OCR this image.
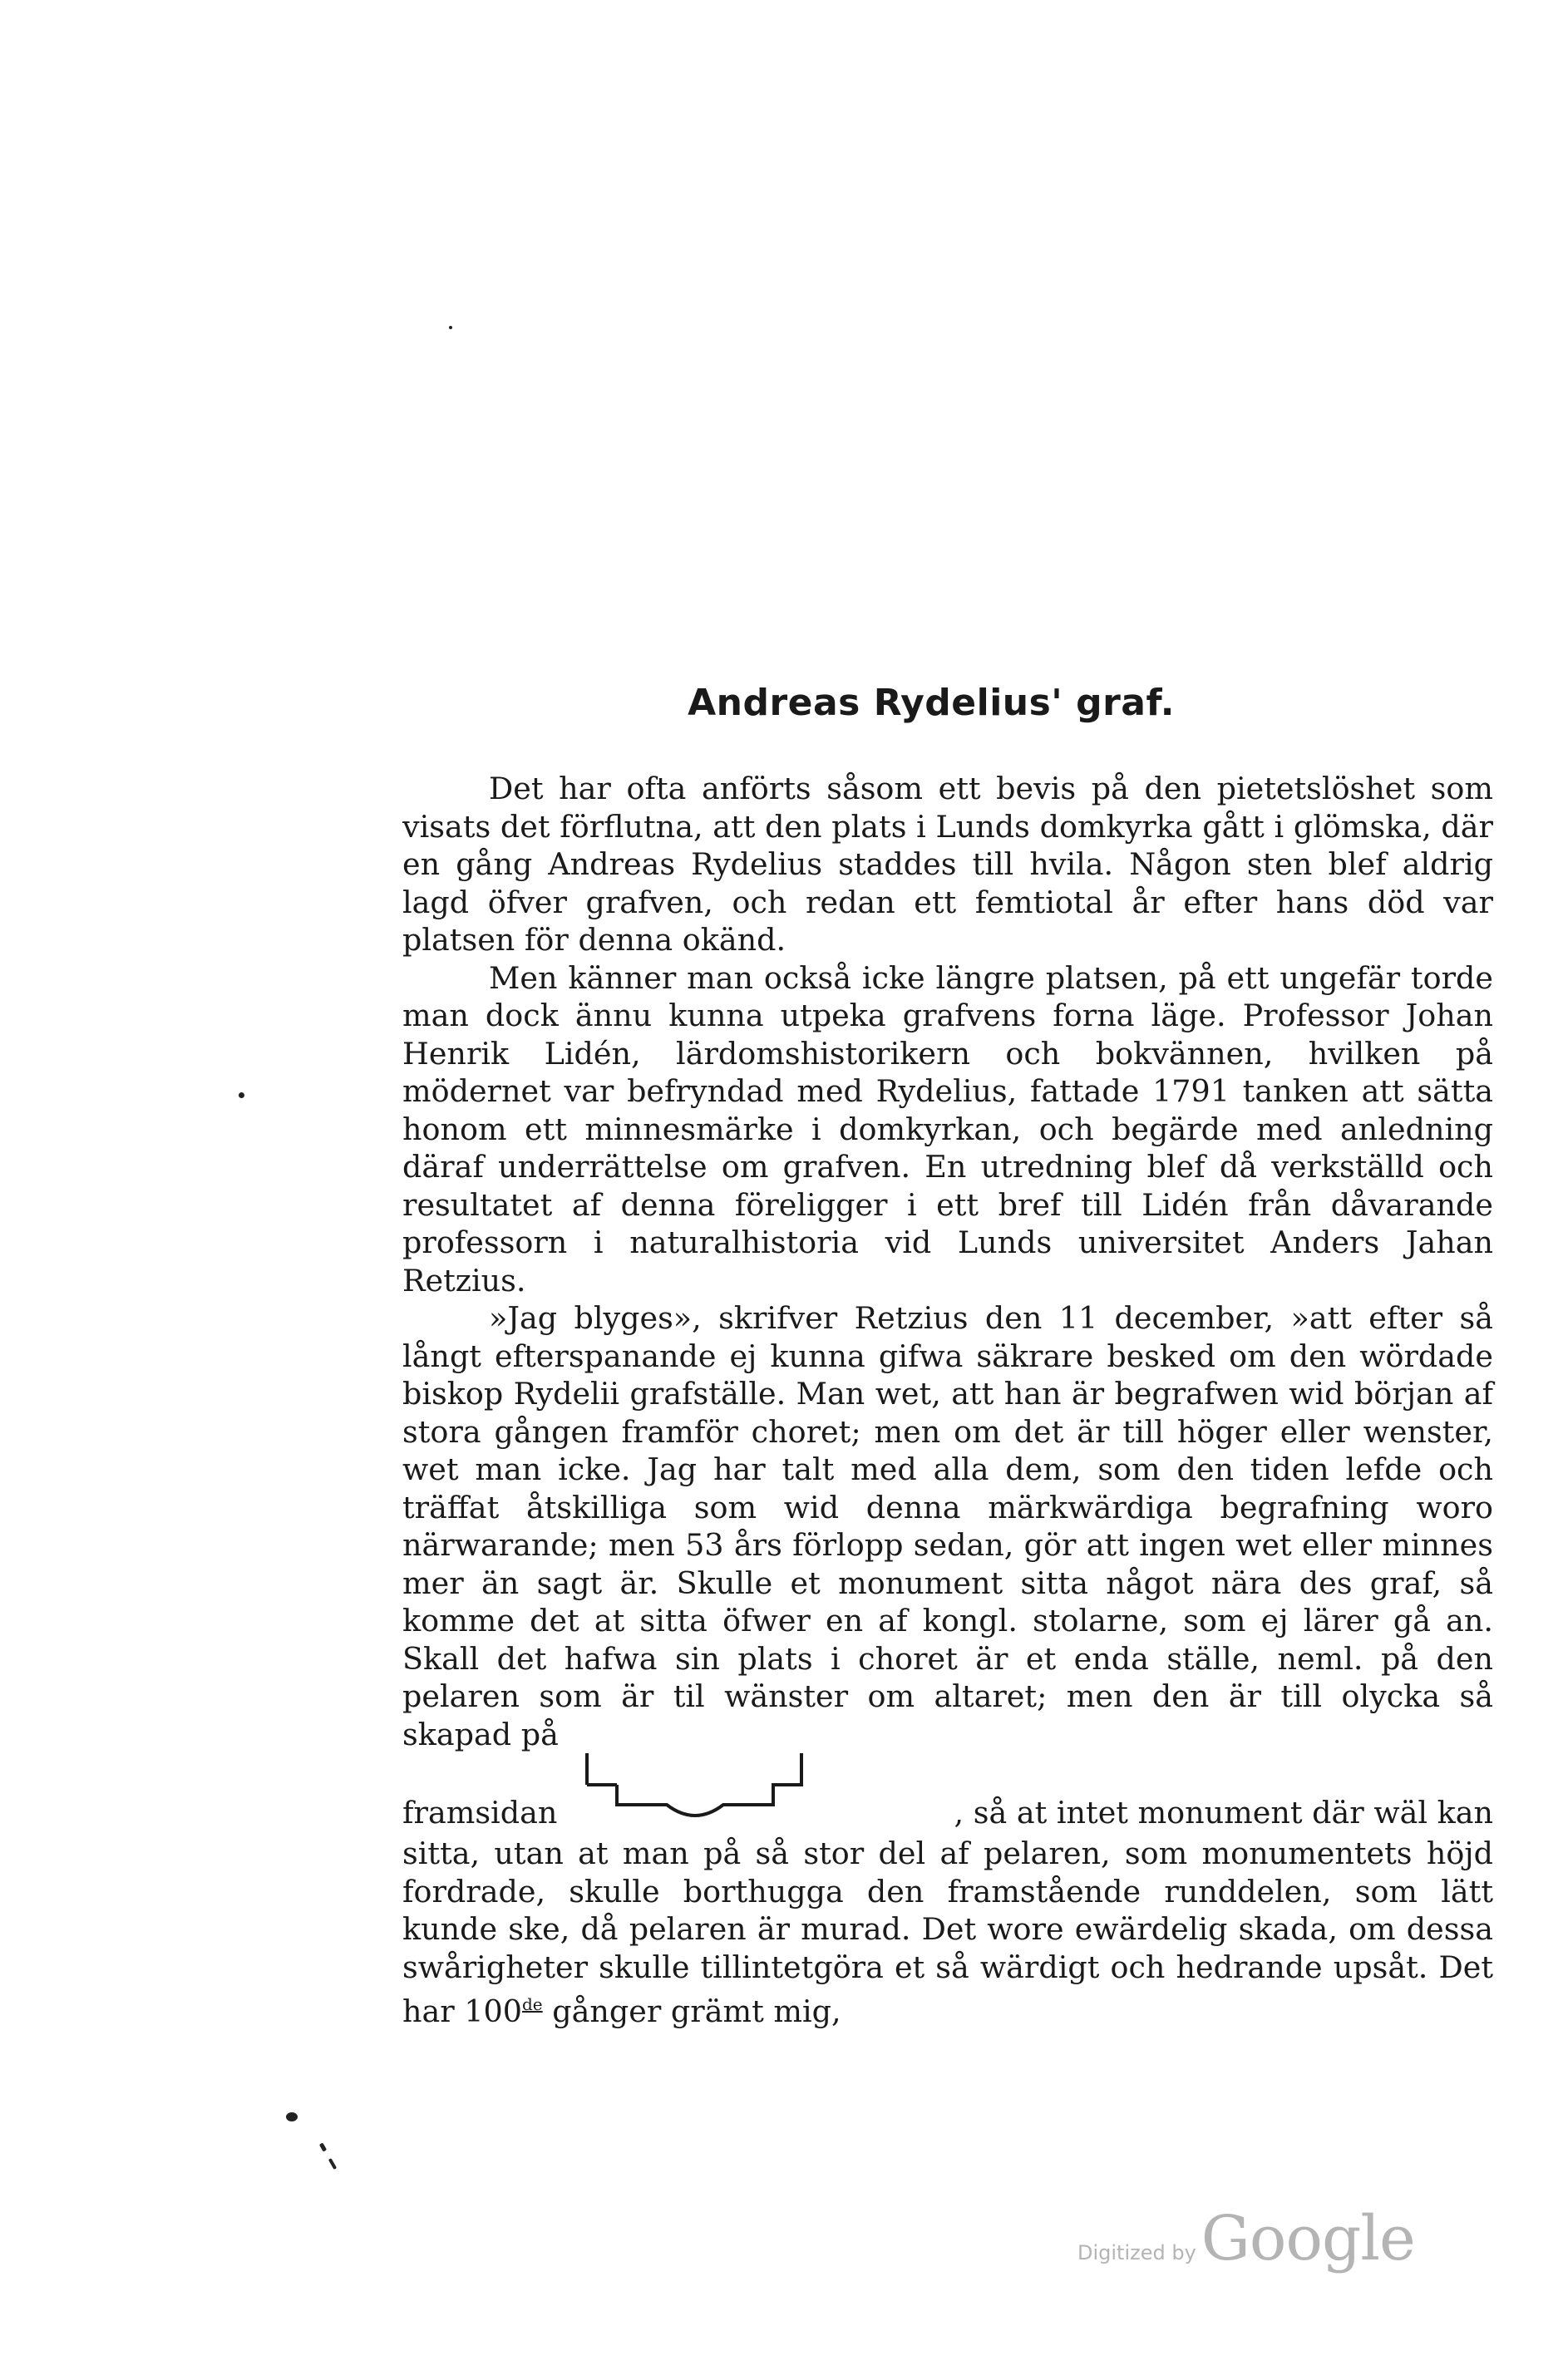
Andreas Rydelius' graf.

Det har ofta anförts såsom ett bevis på den pietetslöshet som visats det förflutna, att den plats i Lunds domkyrka gått i glömska, där en gång Andreas Rydelius staddes till hvila. Någon sten blef aldrig lagd öfver grafven, och redan ett femtiotal år efter hans död var platsen för denna okänd.

Men känner man också icke längre platsen, på ett ungefär torde man dock ännu kunna utpeka grafvens forna läge. Professor Johan Henrik Lidén, lärdomshistorikern och bokvännen, hvilken på mödernet var befryndad med Rydelius, fattade 1791 tanken att sätta honom ett minnesmärke i domkyrkan, och begärde med anledning däraf underrättelse om grafven. En utredning blef då verkställd och resultatet af denna föreligger i ett bref till Lidén från dåvarande professorn i naturalhistoria vid Lunds universitet Anders Jahan Retzius.

»Jag blyges», skrifver Retzius den 11 december, »att efter så långt efterspanande ej kunna gifwa säkrare besked om den wördade biskop Rydelii grafställe. Man wet, att han är begrafwen wid början af stora gången framför choret; men om det är till höger eller wenster, wet man icke. Jag har talt med alla dem, som den tiden lefde och träffat åtskilliga som wid denna märkwärdiga begrafning woro närwarande; men 53 års förlopp sedan, gör att ingen wet eller minnes mer än sagt är. Skulle et monument sitta något nära des graf, så komme det at sitta öfwer en af kongl. stolarne, som ej lärer gå an. Skall det hafwa sin plats i choret är et enda ställe, neml. på den pelaren som är til wänster om altaret; men den är till olycka så skapad på

framsidan	, så at intet monument där wäl kan

sitta, utan at man på så stor del af pelaren, som monumentets höjd fordrade, skulle borthugga den framstående runddelen, som lätt kunde ske, då pelaren är murad. Det wore ewärdelig skada, om dessa swårigheter skulle tillintetgöra et så wärdigt och hedrande upsåt. Det har 100de gånger grämt mig,

Digitized by Google
